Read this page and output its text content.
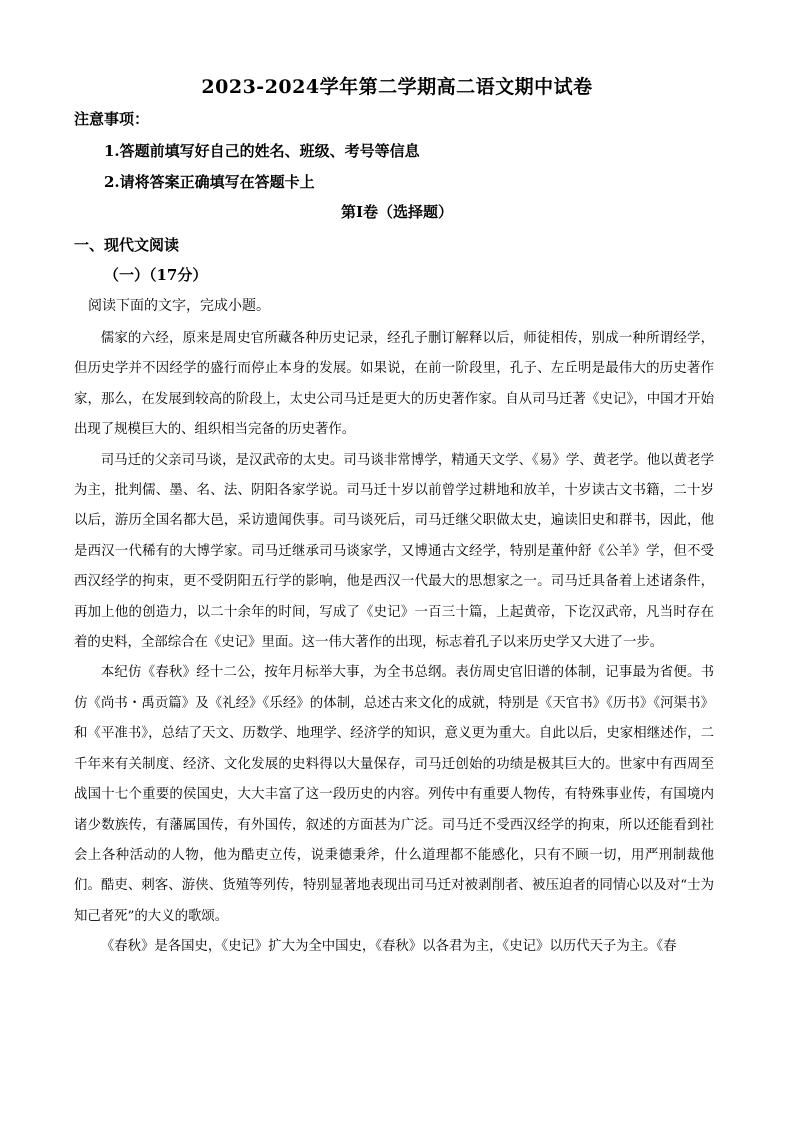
2023-2024学年第二学期高二语文期中试卷
注意事项：
1.答题前填写好自己的姓名、班级、考号等信息
2.请将答案正确填写在答题卡上
第Ⅰ卷（选择题）
一、现代文阅读
（一）（17分）
阅读下面的文字，完成小题。

儒家的六经，原来是周史官所藏各种历史记录，经孔子删订解释以后，师徒相传，别成一种所谓经学，但历史学并不因经学的盛行而停止本身的发展。如果说，在前一阶段里，孔子、左丘明是最伟大的历史著作家，那么，在发展到较高的阶段上，太史公司马迁是更大的历史著作家。自从司马迁著《史记》，中国才开始出现了规模巨大的、组织相当完备的历史著作。

司马迁的父亲司马谈，是汉武帝的太史。司马谈非常博学，精通天文学、《易》学、黄老学。他以黄老学为主，批判儒、墨、名、法、阴阳各家学说。司马迁十岁以前曾学过耕地和放羊，十岁读古文书籍，二十岁以后，游历全国名都大邑，采访遗闻佚事。司马谈死后，司马迁继父职做太史，遍读旧史和群书，因此，他是西汉一代稀有的大博学家。司马迁继承司马谈家学，又博通古文经学，特别是董仲舒《公羊》学，但不受西汉经学的拘束，更不受阴阳五行学的影响，他是西汉一代最大的思想家之一。司马迁具备着上述诸条件，再加上他的创造力，以二十余年的时间，写成了《史记》一百三十篇，上起黄帝，下讫汉武帝，凡当时存在着的史料，全部综合在《史记》里面。这一伟大著作的出现，标志着孔子以来历史学又大进了一步。

本纪仿《春秋》经十二公，按年月标举大事，为全书总纲。表仿周史官旧谱的体制，记事最为省便。书仿《尚书・禹贡篇》及《礼经》《乐经》的体制，总述古来文化的成就，特别是《天官书》《历书》《河渠书》和《平准书》，总结了天文、历数学、地理学、经济学的知识，意义更为重大。自此以后，史家相继述作，二千年来有关制度、经济、文化发展的史料得以大量保存，司马迁创始的功绩是极其巨大的。世家中有西周至战国十七个重要的侯国史，大大丰富了这一段历史的内容。列传中有重要人物传，有特殊事业传，有国境内诸少数族传，有藩属国传，有外国传，叙述的方面甚为广泛。司马迁不受西汉经学的拘束，所以还能看到社会上各种活动的人物，他为酷吏立传，说秉德秉斧，什么道理都不能感化，只有不顾一切，用严刑制裁他们。酷吏、刺客、游侠、货殖等列传，特别显著地表现出司马迁对被剥削者、被压迫者的同情心以及对“士为知己者死”的大义的歌颂。

《春秋》是各国史，《史记》扩大为全中国史，《春秋》以各君为主，《史记》以历代天子为主。《春
